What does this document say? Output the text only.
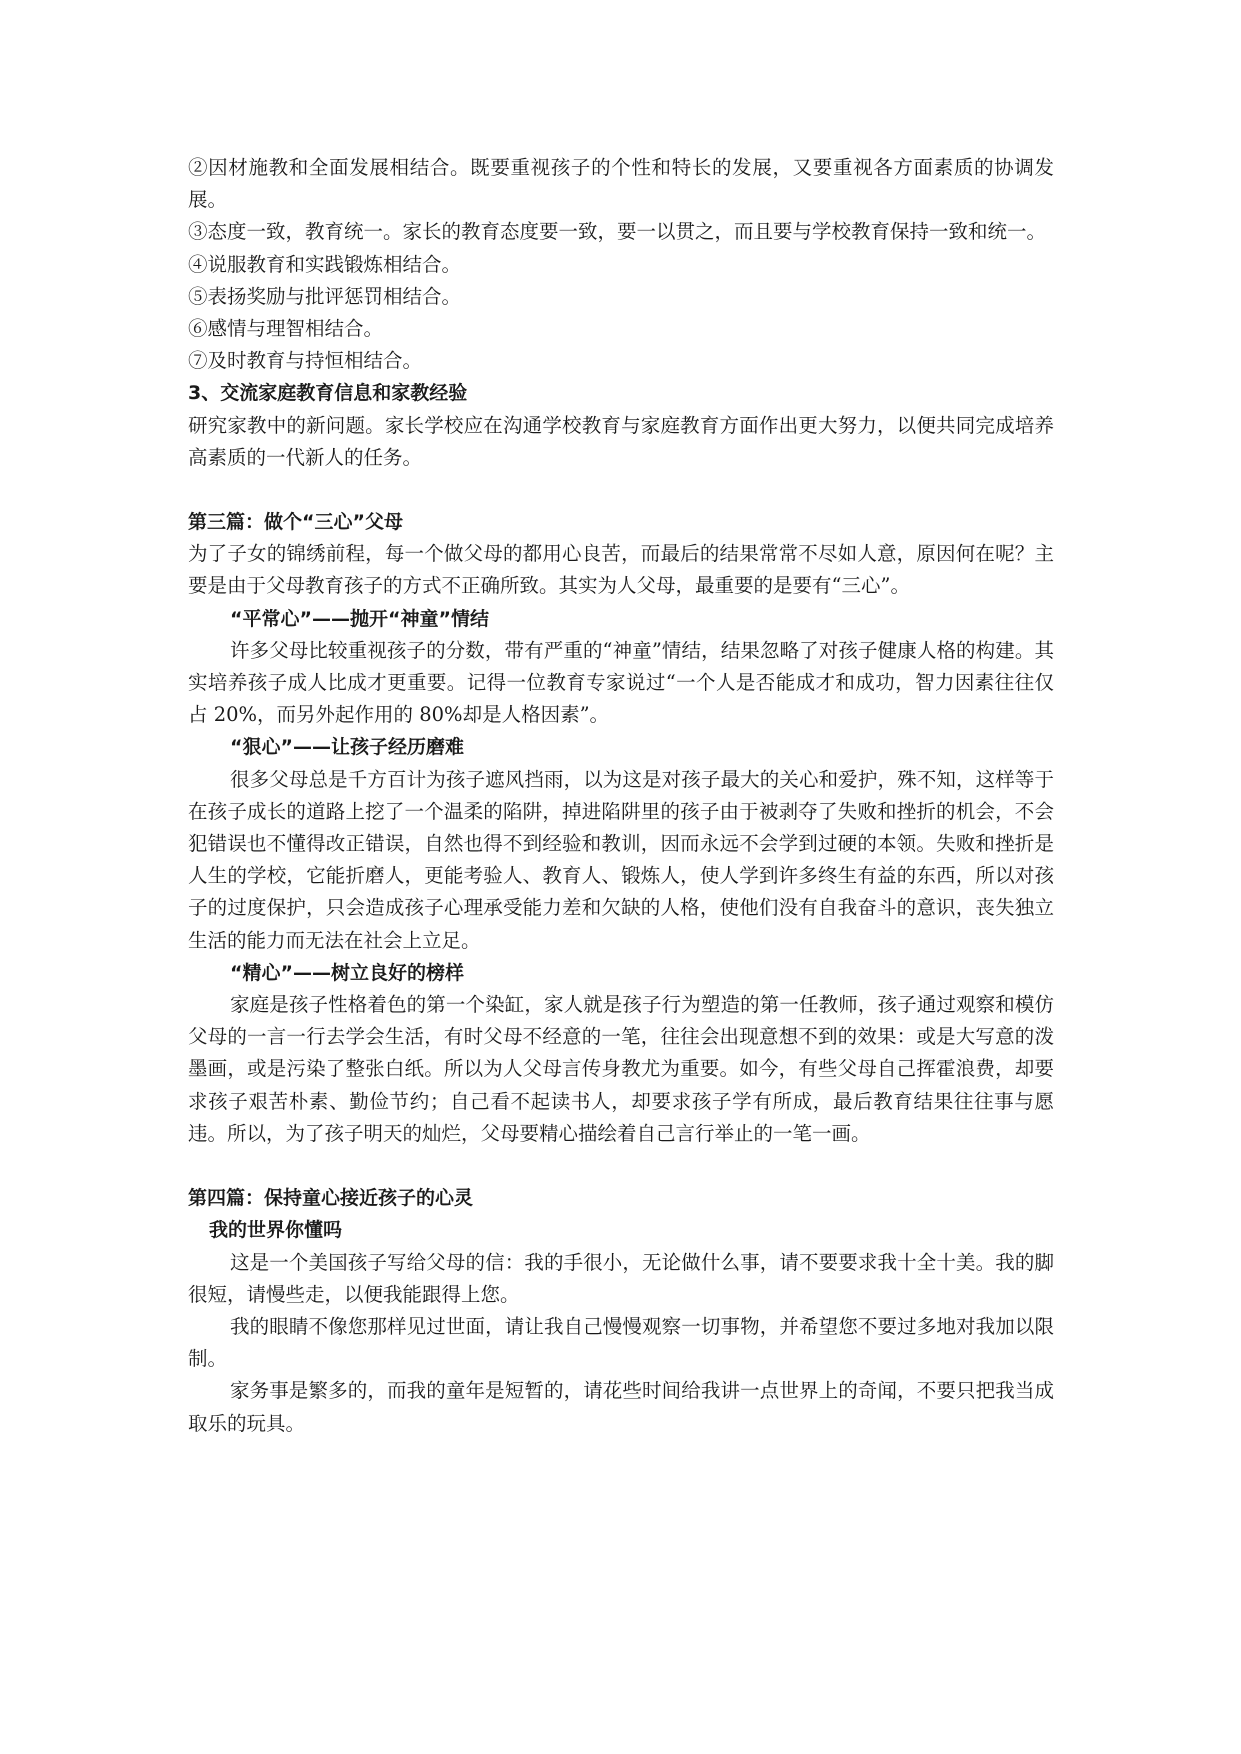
②因材施教和全面发展相结合。既要重视孩子的个性和特长的发展，又要重视各方面素质的协调发展。

③态度一致，教育统一。家长的教育态度要一致，要一以贯之，而且要与学校教育保持一致和统一。

④说服教育和实践锻炼相结合。

⑤表扬奖励与批评惩罚相结合。

⑥感情与理智相结合。

⑦及时教育与持恒相结合。

3、交流家庭教育信息和家教经验

研究家教中的新问题。家长学校应在沟通学校教育与家庭教育方面作出更大努力，以便共同完成培养高素质的一代新人的任务。

第三篇：做个“三心”父母

为了子女的锦绣前程，每一个做父母的都用心良苦，而最后的结果常常不尽如人意，原因何在呢？主要是由于父母教育孩子的方式不正确所致。其实为人父母，最重要的是要有“三心”。

“平常心”——抛开“神童”情结

许多父母比较重视孩子的分数，带有严重的“神童”情结，结果忽略了对孩子健康人格的构建。其实培养孩子成人比成才更重要。记得一位教育专家说过“一个人是否能成才和成功，智力因素往往仅占 20%，而另外起作用的 80%却是人格因素”。

“狠心”——让孩子经历磨难

很多父母总是千方百计为孩子遮风挡雨，以为这是对孩子最大的关心和爱护，殊不知，这样等于在孩子成长的道路上挖了一个温柔的陷阱，掉进陷阱里的孩子由于被剥夺了失败和挫折的机会，不会犯错误也不懂得改正错误，自然也得不到经验和教训，因而永远不会学到过硬的本领。失败和挫折是人生的学校，它能折磨人，更能考验人、教育人、锻炼人，使人学到许多终生有益的东西，所以对孩子的过度保护，只会造成孩子心理承受能力差和欠缺的人格，使他们没有自我奋斗的意识，丧失独立生活的能力而无法在社会上立足。

“精心”——树立良好的榜样

家庭是孩子性格着色的第一个染缸，家人就是孩子行为塑造的第一任教师，孩子通过观察和模仿父母的一言一行去学会生活，有时父母不经意的一笔，往往会出现意想不到的效果：或是大写意的泼墨画，或是污染了整张白纸。所以为人父母言传身教尤为重要。如今，有些父母自己挥霍浪费，却要求孩子艰苦朴素、勤俭节约；自己看不起读书人，却要求孩子学有所成，最后教育结果往往事与愿违。所以，为了孩子明天的灿烂，父母要精心描绘着自己言行举止的一笔一画。

第四篇：保持童心接近孩子的心灵

我的世界你懂吗

这是一个美国孩子写给父母的信：我的手很小，无论做什么事，请不要要求我十全十美。我的脚很短，请慢些走，以便我能跟得上您。

我的眼睛不像您那样见过世面，请让我自己慢慢观察一切事物，并希望您不要过多地对我加以限制。

家务事是繁多的，而我的童年是短暂的，请花些时间给我讲一点世界上的奇闻，不要只把我当成取乐的玩具。
